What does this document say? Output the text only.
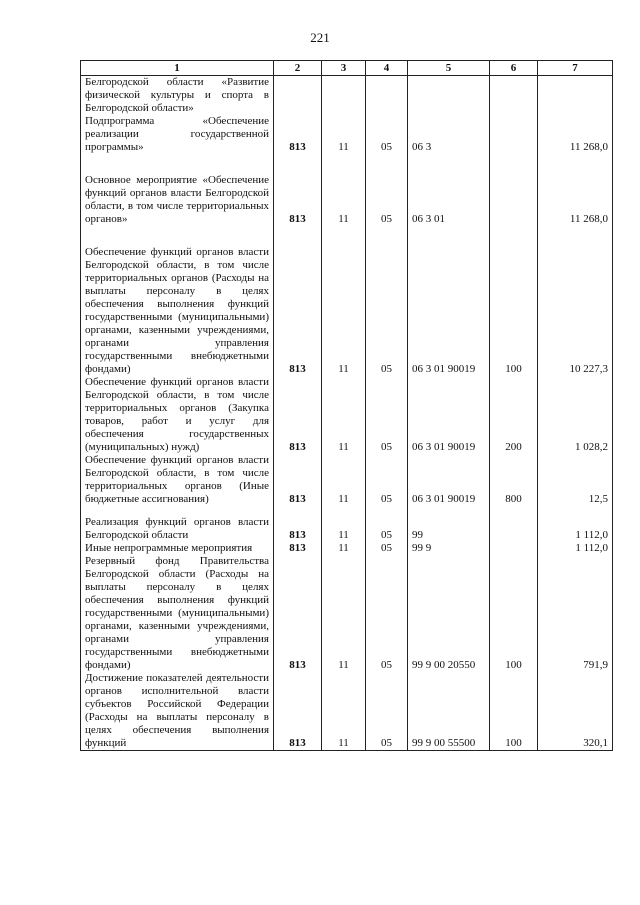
221
1	2	3	4	5	6	7
Белгородской области «Развитие физической культуры и спорта в Белгородской области»						
Подпрограмма «Обеспечение реализации государственной программы»	813	11	05	06 3		11 268,0

Основное мероприятие «Обеспечение функций органов власти Белгородской области, в том числе территориальных органов»	813	11	05	06 3 01		11 268,0

Обеспечение функций органов власти Белгородской области, в том числе территориальных органов (Расходы на выплаты персоналу в целях обеспечения выполнения функций государственными (муниципальными) органами, казенными учреждениями, органами управления государственными внебюджетными фондами)	813	11	05	06 3 01 90019	100	10 227,3
Обеспечение функций органов власти Белгородской области, в том числе территориальных органов (Закупка товаров, работ и услуг для обеспечения государственных (муниципальных) нужд)	813	11	05	06 3 01 90019	200	1 028,2
Обеспечение функций органов власти Белгородской области, в том числе территориальных органов (Иные бюджетные ассигнования)	813	11	05	06 3 01 90019	800	12,5

Реализация функций органов власти Белгородской области	813	11	05	99		1 112,0
Иные непрограммные мероприятия	813	11	05	99 9		1 112,0
Резервный фонд Правительства Белгородской области (Расходы на выплаты персоналу в целях обеспечения выполнения функций государственными (муниципальными) органами, казенными учреждениями, органами управления государственными внебюджетными фондами)	813	11	05	99 9 00 20550	100	791,9
Достижение показателей деятельности органов исполнительной власти субъектов Российской Федерации (Расходы на выплаты персоналу в целях обеспечения выполнения функций	813	11	05	99 9 00 55500	100	320,1
